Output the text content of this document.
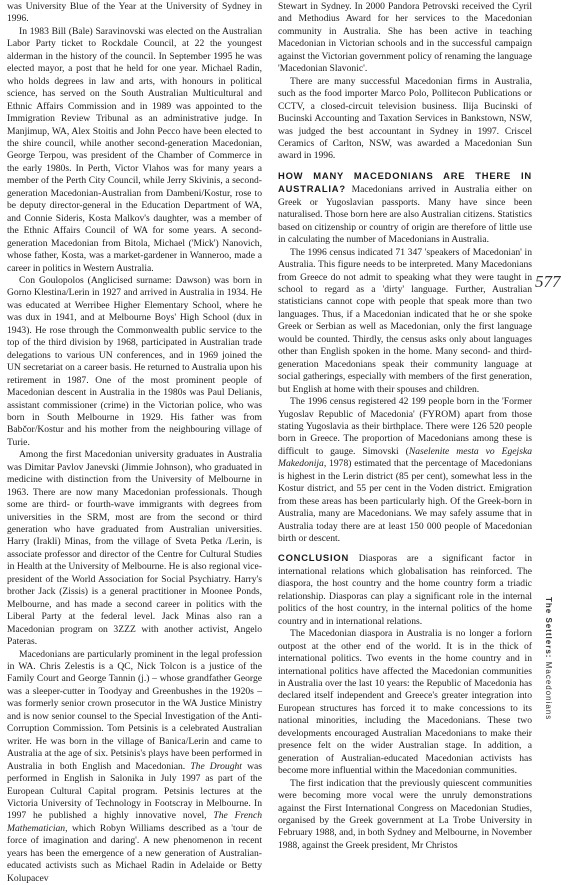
was University Blue of the Year at the University of Sydney in 1996.

In 1983 Bill (Bale) Saravinovski was elected on the Australian Labor Party ticket to Rockdale Council, at 22 the youngest alderman in the history of the council. In September 1995 he was elected mayor, a post that he held for one year. Michael Radin, who holds degrees in law and arts, with honours in political science, has served on the South Australian Multicultural and Ethnic Affairs Commission and in 1989 was appointed to the Immigration Review Tribunal as an administrative judge. In Manjimup, WA, Alex Stoitis and John Pecco have been elected to the shire council, while another second-generation Macedonian, George Terpou, was president of the Chamber of Commerce in the early 1980s. In Perth, Victor Vlahos was for many years a member of the Perth City Council, while Jerry Skivinis, a second-generation Macedonian-Australian from Dambeni/Kostur, rose to be deputy director-general in the Education Department of WA, and Connie Sideris, Kosta Malkov's daughter, was a member of the Ethnic Affairs Council of WA for some years. A second-generation Macedonian from Bitola, Michael ('Mick') Nanovich, whose father, Kosta, was a market-gardener in Wanneroo, made a career in politics in Western Australia.

Con Goulopolos (Anglicised surname: Dawson) was born in Gorno Klestina/Lerin in 1927 and arrived in Australia in 1934. He was educated at Werribee Higher Elementary School, where he was dux in 1941, and at Melbourne Boys' High School (dux in 1943). He rose through the Commonwealth public service to the top of the third division by 1968, participated in Australian trade delegations to various UN conferences, and in 1969 joined the UN secretariat on a career basis. He returned to Australia upon his retirement in 1987. One of the most prominent people of Macedonian descent in Australia in the 1980s was Paul Delianis, assistant commissioner (crime) in the Victorian police, who was born in South Melbourne in 1929. His father was from Babčor/Kostur and his mother from the neighbouring village of Turie.

Among the first Macedonian university graduates in Australia was Dimitar Pavlov Janevski (Jimmie Johnson), who graduated in medicine with distinction from the University of Melbourne in 1963. There are now many Macedonian professionals. Though some are third- or fourth-wave immigrants with degrees from universities in the SRM, most are from the second or third generation who have graduated from Australian universities. Harry (Irakli) Minas, from the village of Sveta Petka /Lerin, is associate professor and director of the Centre for Cultural Studies in Health at the University of Melbourne. He is also regional vice-president of the World Association for Social Psychiatry. Harry's brother Jack (Zissis) is a general practitioner in Moonee Ponds, Melbourne, and has made a second career in politics with the Liberal Party at the federal level. Jack Minas also ran a Macedonian program on 3ZZZ with another activist, Angelo Pateras.

Macedonians are particularly prominent in the legal profession in WA. Chris Zelestis is a QC, Nick Tolcon is a justice of the Family Court and George Tannin (j.) – whose grandfather George was a sleeper-cutter in Toodyay and Greenbushes in the 1920s – was formerly senior crown prosecutor in the WA Justice Ministry and is now senior counsel to the Special Investigation of the Anti-Corruption Commission. Tom Petsinis is a celebrated Australian writer. He was born in the village of Banica/Lerin and came to Australia at the age of six. Petsinis's plays have been performed in Australia in both English and Macedonian. The Drought was performed in English in Salonika in July 1997 as part of the European Cultural Capital program. Petsinis lectures at the Victoria University of Technology in Footscray in Melbourne. In 1997 he published a highly innovative novel, The French Mathematician, which Robyn Williams described as a 'tour de force of imagination and daring'. A new phenomenon in recent years has been the emergence of a new generation of Australian-educated activists such as Michael Radin in Adelaide or Betty Kolupacev

Stewart in Sydney. In 2000 Pandora Petrovski received the Cyril and Methodius Award for her services to the Macedonian community in Australia. She has been active in teaching Macedonian in Victorian schools and in the successful campaign against the Victorian government policy of renaming the language 'Macedonian Slavonic'.

There are many successful Macedonian firms in Australia, such as the food importer Marco Polo, Pollitecon Publications or CCTV, a closed-circuit television business. Ilija Bucinski of Bucinski Accounting and Taxation Services in Bankstown, NSW, was judged the best accountant in Sydney in 1997. Criscel Ceramics of Carlton, NSW, was awarded a Macedonian Sun award in 1996.

HOW MANY MACEDONIANS ARE THERE IN AUSTRALIA? Macedonians arrived in Australia either on Greek or Yugoslavian passports. Many have since been naturalised. Those born here are also Australian citizens. Statistics based on citizenship or country of origin are therefore of little use in calculating the number of Macedonians in Australia.

The 1996 census indicated 71 347 'speakers of Macedonian' in Australia. This figure needs to be interpreted. Many Macedonians from Greece do not admit to speaking what they were taught in school to regard as a 'dirty' language. Further, Australian statisticians cannot cope with people that speak more than two languages. Thus, if a Macedonian indicated that he or she spoke Greek or Serbian as well as Macedonian, only the first language would be counted. Thirdly, the census asks only about languages other than English spoken in the home. Many second- and third-generation Macedonians speak their community language at social gatherings, especially with members of the first generation, but English at home with their spouses and children.

The 1996 census registered 42 199 people born in the 'Former Yugoslav Republic of Macedonia' (FYROM) apart from those stating Yugoslavia as their birthplace. There were 126 520 people born in Greece. The proportion of Macedonians among these is difficult to gauge. Simovski (Naselenite mesta vo Egejska Makedonija, 1978) estimated that the percentage of Macedonians is highest in the Lerin district (85 per cent), somewhat less in the Kostur district, and 55 per cent in the Voden district. Emigration from these areas has been particularly high. Of the Greek-born in Australia, many are Macedonians. We may safely assume that in Australia today there are at least 150 000 people of Macedonian birth or descent.

CONCLUSION Diasporas are a significant factor in international relations which globalisation has reinforced. The diaspora, the host country and the home country form a triadic relationship. Diasporas can play a significant role in the internal politics of the host country, in the internal politics of the home country and in international relations.

The Macedonian diaspora in Australia is no longer a forlorn outpost at the other end of the world. It is in the thick of international politics. Two events in the home country and in international politics have affected the Macedonian communities in Australia over the last 10 years: the Republic of Macedonia has declared itself independent and Greece's greater integration into European structures has forced it to make concessions to its national minorities, including the Macedonians. These two developments encouraged Australian Macedonians to make their presence felt on the wider Australian stage. In addition, a generation of Australian-educated Macedonian activists has become more influential within the Macedonian communities.

The first indication that the previously quiescent communities were becoming more vocal were the unruly demonstrations against the First International Congress on Macedonian Studies, organised by the Greek government at La Trobe University in February 1988, and, in both Sydney and Melbourne, in November 1988, against the Greek president, Mr Christos

577
The Settlers: Macedonians
